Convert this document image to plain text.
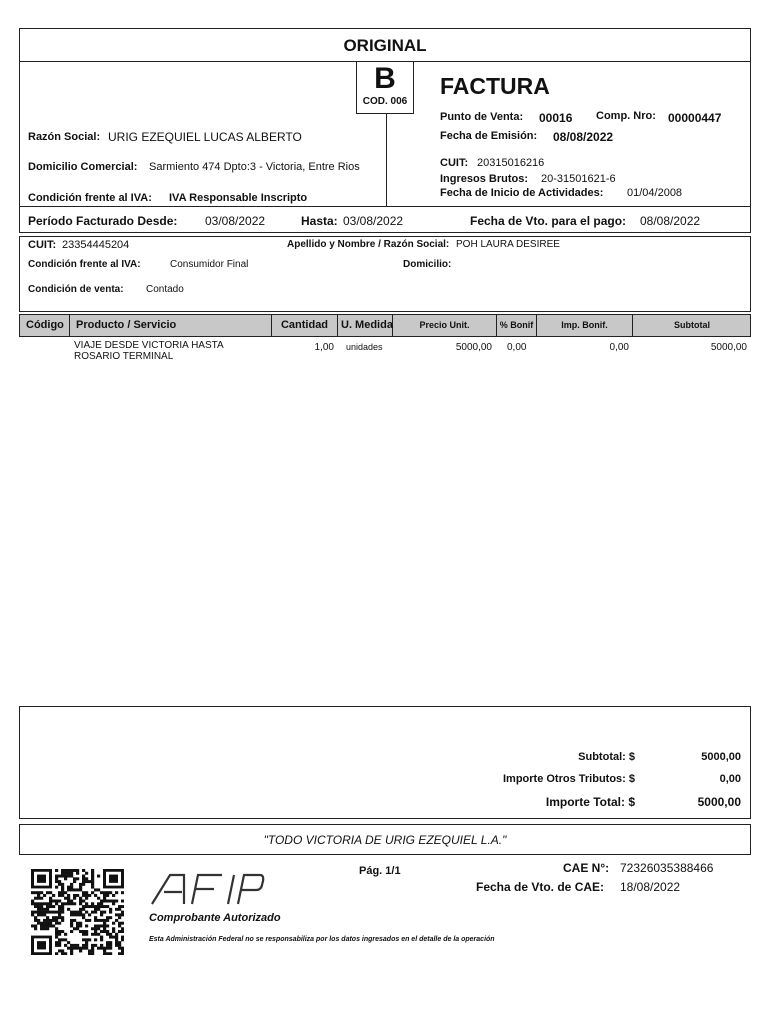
ORIGINAL
B
COD. 006
Razón Social: URIG EZEQUIEL LUCAS ALBERTO
Domicilio Comercial: Sarmiento 474 Dpto:3 - Victoria, Entre Rios
Condición frente al IVA: IVA Responsable Inscripto
FACTURA
Punto de Venta: 00016 Comp. Nro: 00000447
Fecha de Emisión: 08/08/2022
CUIT: 20315016216
Ingresos Brutos: 20-31501621-6
Fecha de Inicio de Actividades: 01/04/2008
Período Facturado Desde: 03/08/2022	Hasta: 03/08/2022	Fecha de Vto. para el pago: 08/08/2022
CUIT: 23354445204	Apellido y Nombre / Razón Social: POH LAURA DESIREE
Condición frente al IVA:	Consumidor Final	Domicilio:
Condición de venta: Contado
Código	Producto / Servicio	Cantidad	U. Medida	Precio Unit.	% Bonif	Imp. Bonif.	Subtotal
VIAJE DESDE VICTORIA HASTA
ROSARIO TERMINAL
1,00 unidades	5000,00 0,00	0,00	5000,00
Subtotal: $	5000,00
Importe Otros Tributos: $	0,00
Importe Total: $	5000,00
"TODO VICTORIA DE URIG EZEQUIEL L.A."
Comprobante Autorizado
Esta Administración Federal no se responsabiliza por los datos ingresados en el detalle de la operación
Pág. 1/1	CAE N°: 72326035388466
Fecha de Vto. de CAE: 18/08/2022
